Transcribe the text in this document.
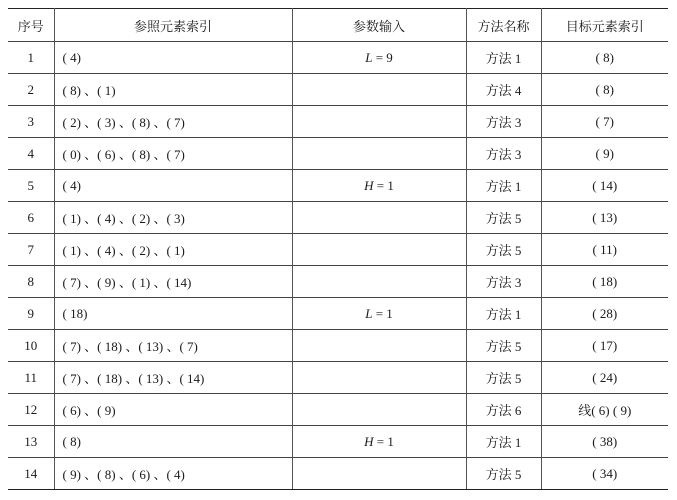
序号	参照元素索引	参数输入	方法名称	目标元素索引
1	( 4)	L = 9	方法 1	( 8)
2	( 8) 、( 1)		方法 4	( 8)
3	( 2) 、( 3) 、( 8) 、( 7)		方法 3	( 7)
4	( 0) 、( 6) 、( 8) 、( 7)		方法 3	( 9)
5	( 4)	H = 1	方法 1	( 14)
6	( 1) 、( 4) 、( 2) 、( 3)		方法 5	( 13)
7	( 1) 、( 4) 、( 2) 、( 1)		方法 5	( 11)
8	( 7) 、( 9) 、( 1) 、( 14)		方法 3	( 18)
9	( 18)	L = 1	方法 1	( 28)
10	( 7) 、( 18) 、( 13) 、( 7)		方法 5	( 17)
11	( 7) 、( 18) 、( 13) 、( 14)		方法 5	( 24)
12	( 6) 、( 9)		方法 6	线( 6) ( 9)
13	( 8)	H = 1	方法 1	( 38)
14	( 9) 、( 8) 、( 6) 、( 4)		方法 5	( 34)
